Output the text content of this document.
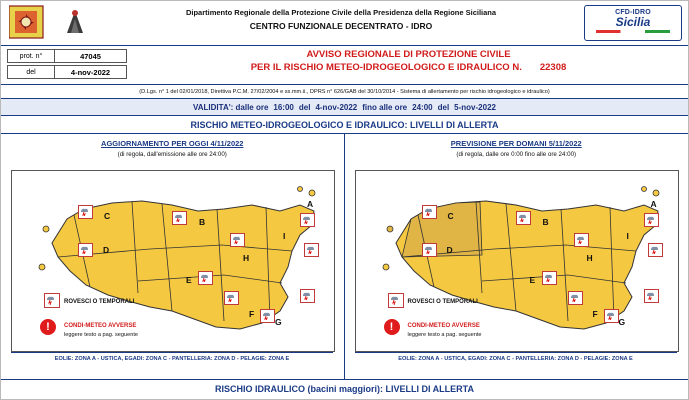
Dipartimento Regionale della Protezione Civile della Presidenza della Regione Siciliana
CENTRO FUNZIONALE DECENTRATO - IDRO
CFD-IDRO
Sicilia
prot. n°	47045
del	4-nov-2022
AVVISO REGIONALE DI PROTEZIONE CIVILE
PER IL RISCHIO METEO-IDROGEOLOGICO E IDRAULICO N. 22308
(D.Lgs. n° 1 del 02/01/2018, Direttiva P.C.M. 27/02/2004 e ss.mm.ii., DPRS n° 626/GAB del 30/10/2014 - Sistema di allertamento per rischio idrogeologico e idraulico)
VALIDITA': dalle ore 16:00 del 4-nov-2022 fino alle ore 24:00 del 5-nov-2022
RISCHIO METEO-IDROGEOLOGICO E IDRAULICO: LIVELLI DI ALLERTA
AGGIORNAMENTO PER OGGI 4/11/2022
(di regola, dall'emissione alle ore 24:00)
C
B
A
D
H
I
E
F
G
ROVESCI O TEMPORALI
!	CONDI-METEO AVVERSE
leggere testo a pag. seguente
EOLIE: ZONA A - USTICA, EGADI: ZONA C - PANTELLERIA: ZONA D - PELAGIE: ZONA E
PREVISIONE PER DOMANI 5/11/2022
(di regola, dalle ore 0:00 fino alle ore 24:00)
C
B
A
D
H
I
E
F
G
ROVESCI O TEMPORALI
!	CONDI-METEO AVVERSE
leggere testo a pag. seguente
EOLIE: ZONA A - USTICA, EGADI: ZONA C - PANTELLERIA: ZONA D - PELAGIE: ZONA E
RISCHIO IDRAULICO (bacini maggiori): LIVELLI DI ALLERTA
